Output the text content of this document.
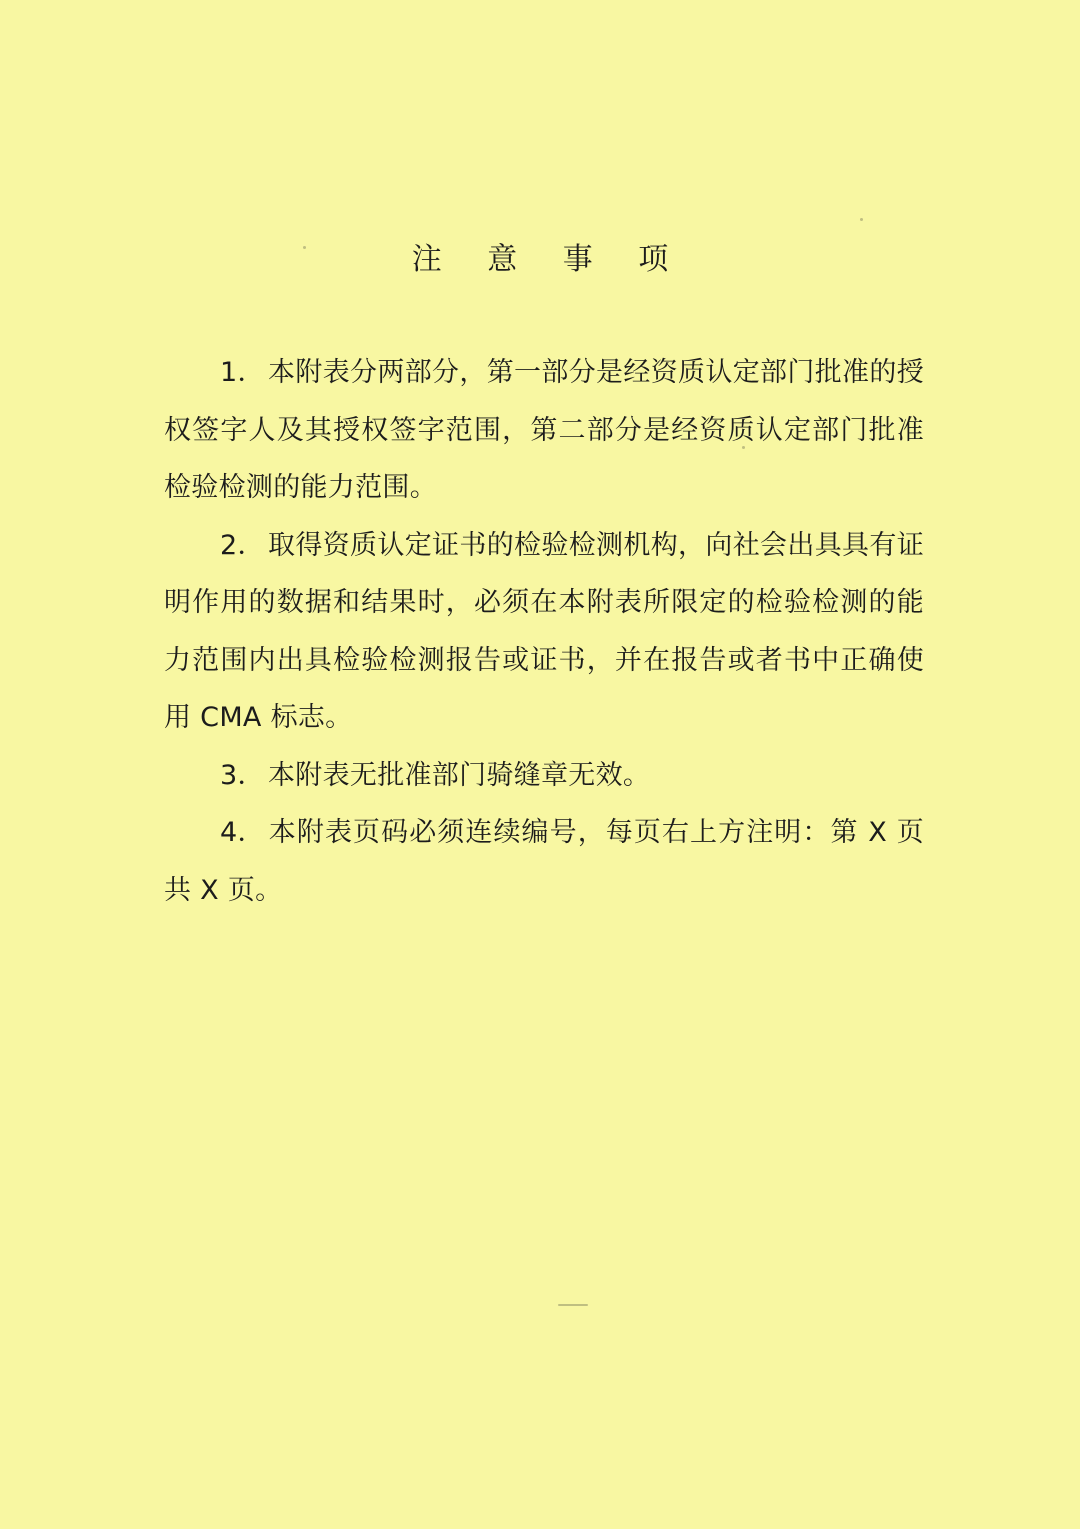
注 意 事 项
1． 本附表分两部分，第一部分是经资质认定部门批准的授权签字人及其授权签字范围，第二部分是经资质认定部门批准检验检测的能力范围。
2． 取得资质认定证书的检验检测机构，向社会出具具有证明作用的数据和结果时，必须在本附表所限定的检验检测的能力范围内出具检验检测报告或证书，并在报告或者书中正确使用 CMA 标志。
3． 本附表无批准部门骑缝章无效。
4． 本附表页码必须连续编号，每页右上方注明：第 X 页共 X 页。
